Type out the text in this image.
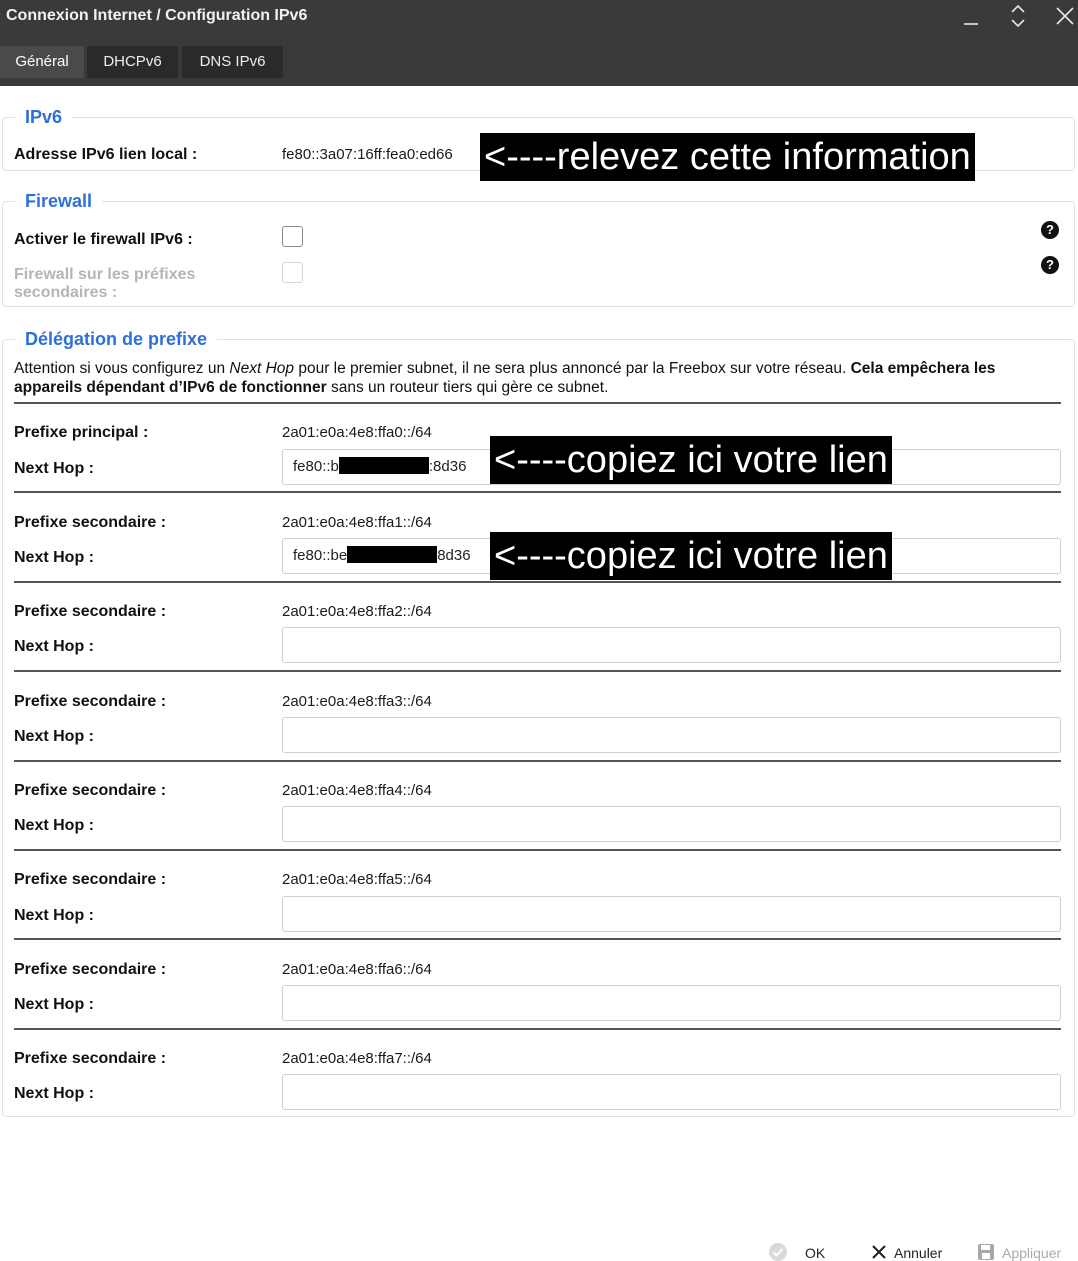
Connexion Internet / Configuration IPv6
Général	DHCPv6	DNS IPv6
IPv6
Adresse IPv6 lien local :	fe80::3a07:16ff:fea0:ed66 <----relevez cette information
Firewall
Activer le firewall IPv6 :
?
Firewall sur les préfixes
secondaires :
?
Délégation de prefixe
Attention si vous configurez un Next Hop pour le premier subnet, il ne sera plus annoncé par la Freebox sur votre réseau. Cela empêchera les appareils dépendant d’IPv6 de fonctionner sans un routeur tiers qui gère ce subnet.
Prefixe principal :	2a01:e0a:4e8:ffa0::/64
Next Hop :	fe80::b	:8d36 <----copiez ici votre lien
Prefixe secondaire :	2a01:e0a:4e8:ffa1::/64
Next Hop :	fe80::be	8d36 <----copiez ici votre lien
Prefixe secondaire :	2a01:e0a:4e8:ffa2::/64
Next Hop :
Prefixe secondaire :	2a01:e0a:4e8:ffa3::/64
Next Hop :
Prefixe secondaire :	2a01:e0a:4e8:ffa4::/64
Next Hop :
Prefixe secondaire :	2a01:e0a:4e8:ffa5::/64
Next Hop :
Prefixe secondaire :	2a01:e0a:4e8:ffa6::/64
Next Hop :
Prefixe secondaire :	2a01:e0a:4e8:ffa7::/64
Next Hop :
OK	Annuler	Appliquer
